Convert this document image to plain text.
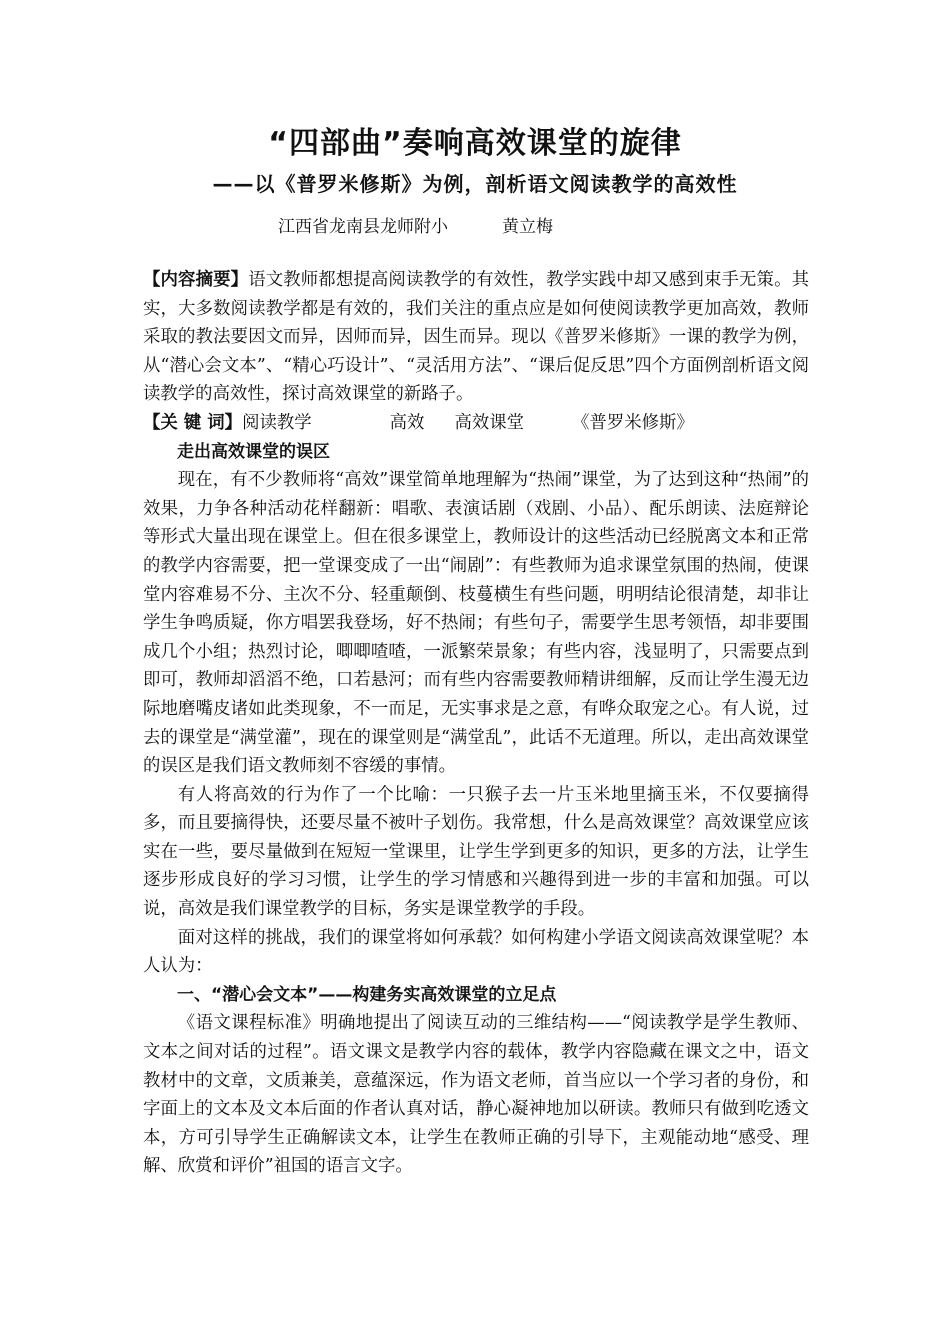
“四部曲”奏响高效课堂的旋律
——以《普罗米修斯》为例，剖析语文阅读教学的高效性
江西省龙南县龙师附小	黄立梅

【内容摘要】语文教师都想提高阅读教学的有效性，教学实践中却又感到束手无策。其实，大多数阅读教学都是有效的，我们关注的重点应是如何使阅读教学更加高效，教师采取的教法要因文而异，因师而异，因生而异。现以《普罗米修斯》一课的教学为例，从“潜心会文本”、“精心巧设计”、“灵活用方法”、“课后促反思”四个方面例剖析语文阅读教学的高效性，探讨高效课堂的新路子。

【关 键 词】阅读教学	高效 高效课堂	《普罗米修斯》

走出高效课堂的误区

现在，有不少教师将“高效”课堂简单地理解为“热闹”课堂，为了达到这种“热闹”的效果，力争各种活动花样翻新：唱歌、表演话剧（戏剧、小品）、配乐朗读、法庭辩论等形式大量出现在课堂上。但在很多课堂上，教师设计的这些活动已经脱离文本和正常的教学内容需要，把一堂课变成了一出“闹剧”：有些教师为追求课堂氛围的热闹，使课堂内容难易不分、主次不分、轻重颠倒、枝蔓横生有些问题，明明结论很清楚，却非让学生争鸣质疑，你方唱罢我登场，好不热闹；有些句子，需要学生思考领悟，却非要围成几个小组；热烈讨论，唧唧喳喳，一派繁荣景象；有些内容，浅显明了，只需要点到即可，教师却滔滔不绝，口若悬河；而有些内容需要教师精讲细解，反而让学生漫无边际地磨嘴皮诸如此类现象，不一而足，无实事求是之意，有哗众取宠之心。有人说，过去的课堂是“满堂灌”，现在的课堂则是“满堂乱”，此话不无道理。所以，走出高效课堂的误区是我们语文教师刻不容缓的事情。

有人将高效的行为作了一个比喻：一只猴子去一片玉米地里摘玉米，不仅要摘得多，而且要摘得快，还要尽量不被叶子划伤。我常想，什么是高效课堂？高效课堂应该实在一些，要尽量做到在短短一堂课里，让学生学到更多的知识，更多的方法，让学生逐步形成良好的学习习惯，让学生的学习情感和兴趣得到进一步的丰富和加强。可以说，高效是我们课堂教学的目标，务实是课堂教学的手段。

面对这样的挑战，我们的课堂将如何承载？如何构建小学语文阅读高效课堂呢？本人认为：

一、“潜心会文本”——构建务实高效课堂的立足点

《语文课程标准》明确地提出了阅读互动的三维结构——“阅读教学是学生教师、文本之间对话的过程”。语文课文是教学内容的载体，教学内容隐藏在课文之中，语文教材中的文章，文质兼美，意蕴深远，作为语文老师，首当应以一个学习者的身份，和字面上的文本及文本后面的作者认真对话，静心凝神地加以研读。教师只有做到吃透文本，方可引导学生正确解读文本，让学生在教师正确的引导下，主观能动地“感受、理解、欣赏和评价”祖国的语言文字。
